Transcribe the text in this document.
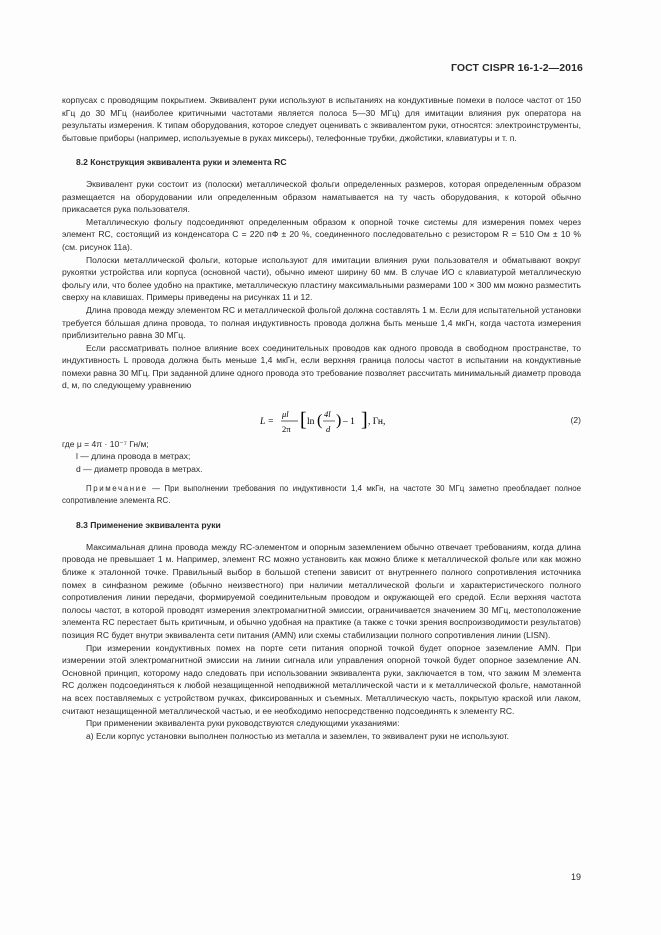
ГОСТ CISPR 16-1-2—2016

корпусах с проводящим покрытием. Эквивалент руки используют в испытаниях на кондуктивные помехи в полосе частот от 150 кГц до 30 МГц (наиболее критичными частотами является полоса 5—30 МГц) для имитации влияния рук оператора на результаты измерения. К типам оборудования, которое следует оценивать с эквивалентом руки, относятся: электроинструменты, бытовые приборы (например, используемые в руках миксеры), телефонные трубки, джойстики, клавиатуры и т. п.

8.2 Конструкция эквивалента руки и элемента RC

Эквивалент руки состоит из (полоски) металлической фольги определенных размеров, которая определенным образом размещается на оборудовании или определенным образом наматывается на ту часть оборудования, к которой обычно прикасается рука пользователя.

Металлическую фольгу подсоединяют определенным образом к опорной точке системы для измерения помех через элемент RC, состоящий из конденсатора C = 220 пФ ± 20 %, соединенного последовательно с резистором R = 510 Ом ± 10 % (см. рисунок 11а).

Полоски металлической фольги, которые используют для имитации влияния руки пользователя и обматывают вокруг рукоятки устройства или корпуса (основной части), обычно имеют ширину 60 мм. В случае ИО с клавиатурой металлическую фольгу или, что более удобно на практике, металлическую пластину максимальными размерами 100 × 300 мм можно разместить сверху на клавишах. Примеры приведены на рисунках 11 и 12.

Длина провода между элементом RC и металлической фольгой должна составлять 1 м. Если для испытательной установки требуется бо́льшая длина провода, то полная индуктивность провода должна быть меньше 1,4 мкГн, когда частота измерения приблизительно равна 30 МГц.

Если рассматривать полное влияние всех соединительных проводов как одного провода в свободном пространстве, то индуктивность L провода должна быть меньше 1,4 мкГн, если верхняя граница полосы частот в испытании на кондуктивные помехи равна 30 МГц. При заданной длине одного провода это требование позволяет рассчитать минимальный диаметр провода d, м, по следующему уравнению

L =
μl
2π [ ln ( 4l
d ) – 1 ] , Гн,	(2)
где μ = 4π · 10⁻⁷ Гн/м;
l — длина провода в метрах;
d — диаметр провода в метрах.

Примечание — При выполнении требования по индуктивности 1,4 мкГн, на частоте 30 МГц заметно преобладает полное сопротивление элемента RC.

8.3 Применение эквивалента руки

Максимальная длина провода между RC-элементом и опорным заземлением обычно отвечает требованиям, когда длина провода не превышает 1 м. Например, элемент RC можно установить как можно ближе к металлической фольге или как можно ближе к эталонной точке. Правильный выбор в большой степени зависит от внутреннего полного сопротивления источника помех в синфазном режиме (обычно неизвестного) при наличии металлической фольги и характеристического полного сопротивления линии передачи, формируемой соединительным проводом и окружающей его средой. Если верхняя частота полосы частот, в которой проводят измерения электромагнитной эмиссии, ограничивается значением 30 МГц, местоположение элемента RC перестает быть критичным, и обычно удобная на практике (а также с точки зрения воспроизводимости результатов) позиция RC будет внутри эквивалента сети питания (AMN) или схемы стабилизации полного сопротивления линии (LISN).

При измерении кондуктивных помех на порте сети питания опорной точкой будет опорное заземление AMN. При измерении этой электромагнитной эмиссии на линии сигнала или управления опорной точкой будет опорное заземление AN. Основной принцип, которому надо следовать при использовании эквивалента руки, заключается в том, что зажим M элемента RC должен подсоединяться к любой незащищенной неподвижной металлической части и к металлической фольге, намотанной на всех поставляемых с устройством ручках, фиксированных и съемных. Металлическую часть, покрытую краской или лаком, считают незащищенной металлической частью, и ее необходимо непосредственно подсоединять к элементу RC.

При применении эквивалента руки руководствуются следующими указаниями:

а) Если корпус установки выполнен полностью из металла и заземлен, то эквивалент руки не используют.

19
